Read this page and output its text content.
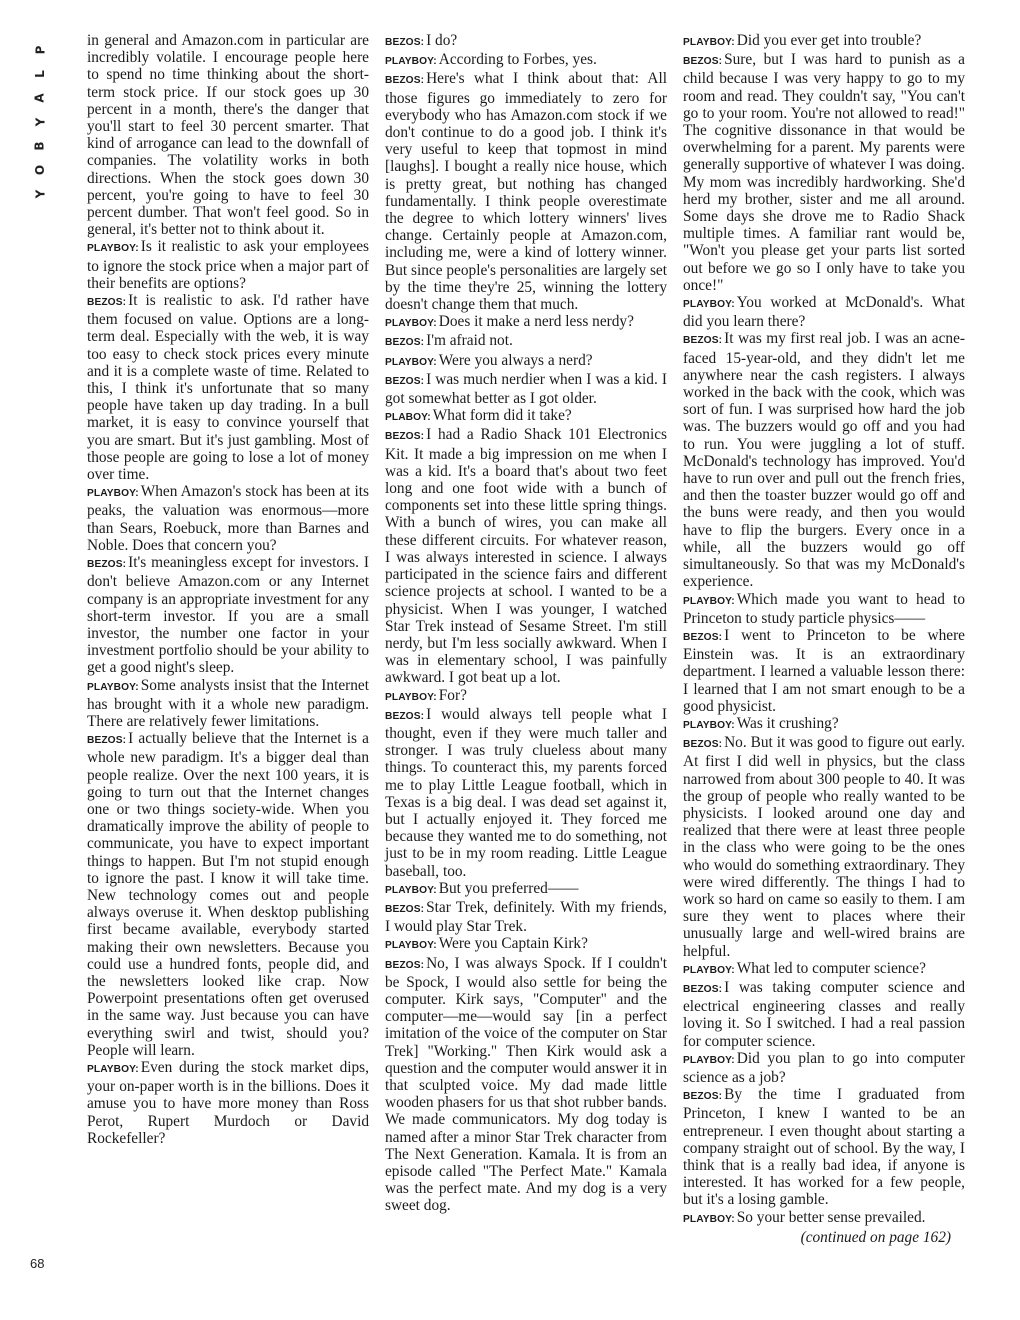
P
L
A
Y
B
O
Y
68

in general and Amazon.com in particular are incredibly volatile. I encourage people here to spend no time thinking about the short-term stock price. If our stock goes up 30 percent in a month, there's the danger that you'll start to feel 30 percent smarter. That kind of arrogance can lead to the downfall of companies. The volatility works in both directions. When the stock goes down 30 percent, you're going to have to feel 30 percent dumber. That won't feel good. So in general, it's better not to think about it.

PLAYBOY: Is it realistic to ask your employees to ignore the stock price when a major part of their benefits are options?

BEZOS: It is realistic to ask. I'd rather have them focused on value. Options are a long-term deal. Especially with the web, it is way too easy to check stock prices every minute and it is a complete waste of time. Related to this, I think it's unfortunate that so many people have taken up day trading. In a bull market, it is easy to convince yourself that you are smart. But it's just gambling. Most of those people are going to lose a lot of money over time.

PLAYBOY: When Amazon's stock has been at its peaks, the valuation was enormous—more than Sears, Roebuck, more than Barnes and Noble. Does that concern you?

BEZOS: It's meaningless except for investors. I don't believe Amazon.com or any Internet company is an appropriate investment for any short-term investor. If you are a small investor, the number one factor in your investment portfolio should be your ability to get a good night's sleep.

PLAYBOY: Some analysts insist that the Internet has brought with it a whole new paradigm. There are relatively fewer limitations.

BEZOS: I actually believe that the Internet is a whole new paradigm. It's a bigger deal than people realize. Over the next 100 years, it is going to turn out that the Internet changes one or two things society-wide. When you dramatically improve the ability of people to communicate, you have to expect important things to happen. But I'm not stupid enough to ignore the past. I know it will take time. New technology comes out and people always overuse it. When desktop publishing first became available, everybody started making their own newsletters. Because you could use a hundred fonts, people did, and the newsletters looked like crap. Now Powerpoint presentations often get overused in the same way. Just because you can have everything swirl and twist, should you? People will learn.

PLAYBOY: Even during the stock market dips, your on-paper worth is in the billions. Does it amuse you to have more money than Ross Perot, Rupert Murdoch or David Rockefeller?

BEZOS: I do?

PLAYBOY: According to Forbes, yes.

BEZOS: Here's what I think about that: All those figures go immediately to zero for everybody who has Amazon.com stock if we don't continue to do a good job. I think it's very useful to keep that topmost in mind [laughs]. I bought a really nice house, which is pretty great, but nothing has changed fundamentally. I think people overestimate the degree to which lottery winners' lives change. Certainly people at Amazon.com, including me, were a kind of lottery winner. But since people's personalities are largely set by the time they're 25, winning the lottery doesn't change them that much.

PLAYBOY: Does it make a nerd less nerdy?

BEZOS: I'm afraid not.

PLAYBOY: Were you always a nerd?

BEZOS: I was much nerdier when I was a kid. I got somewhat better as I got older.

PLABOY: What form did it take?

BEZOS: I had a Radio Shack 101 Electronics Kit. It made a big impression on me when I was a kid. It's a board that's about two feet long and one foot wide with a bunch of components set into these little spring things. With a bunch of wires, you can make all these different circuits. For whatever reason, I was always interested in science. I always participated in the science fairs and different science projects at school. I wanted to be a physicist. When I was younger, I watched Star Trek instead of Sesame Street. I'm still nerdy, but I'm less socially awkward. When I was in elementary school, I was painfully awkward. I got beat up a lot.

PLAYBOY: For?

BEZOS: I would always tell people what I thought, even if they were much taller and stronger. I was truly clueless about many things. To counteract this, my parents forced me to play Little League football, which in Texas is a big deal. I was dead set against it, but I actually enjoyed it. They forced me because they wanted me to do something, not just to be in my room reading. Little League baseball, too.

PLAYBOY: But you preferred——

BEZOS: Star Trek, definitely. With my friends, I would play Star Trek.

PLAYBOY: Were you Captain Kirk?

BEZOS: No, I was always Spock. If I couldn't be Spock, I would also settle for being the computer. Kirk says, "Computer" and the computer—me—would say [in a perfect imitation of the voice of the computer on Star Trek] "Working." Then Kirk would ask a question and the computer would answer it in that sculpted voice. My dad made little wooden phasers for us that shot rubber bands. We made communicators. My dog today is named after a minor Star Trek character from The Next Generation. Kamala. It is from an episode called "The Perfect Mate." Kamala was the perfect mate. And my dog is a very sweet dog.

PLAYBOY: Did you ever get into trouble?

BEZOS: Sure, but I was hard to punish as a child because I was very happy to go to my room and read. They couldn't say, "You can't go to your room. You're not allowed to read!" The cognitive dissonance in that would be overwhelming for a parent. My parents were generally supportive of whatever I was doing. My mom was incredibly hardworking. She'd herd my brother, sister and me all around. Some days she drove me to Radio Shack multiple times. A familiar rant would be, "Won't you please get your parts list sorted out before we go so I only have to take you once!"

PLAYBOY: You worked at McDonald's. What did you learn there?

BEZOS: It was my first real job. I was an acne-faced 15-year-old, and they didn't let me anywhere near the cash registers. I always worked in the back with the cook, which was sort of fun. I was surprised how hard the job was. The buzzers would go off and you had to run. You were juggling a lot of stuff. McDonald's technology has improved. You'd have to run over and pull out the french fries, and then the toaster buzzer would go off and the buns were ready, and then you would have to flip the burgers. Every once in a while, all the buzzers would go off simultaneously. So that was my McDonald's experience.

PLAYBOY: Which made you want to head to Princeton to study particle physics——

BEZOS: I went to Princeton to be where Einstein was. It is an extraordinary department. I learned a valuable lesson there: I learned that I am not smart enough to be a good physicist.

PLAYBOY: Was it crushing?

BEZOS: No. But it was good to figure out early. At first I did well in physics, but the class narrowed from about 300 people to 40. It was the group of people who really wanted to be physicists. I looked around one day and realized that there were at least three people in the class who were going to be the ones who would do something extraordinary. They were wired differently. The things I had to work so hard on came so easily to them. I am sure they went to places where their unusually large and well-wired brains are helpful.

PLAYBOY: What led to computer science?

BEZOS: I was taking computer science and electrical engineering classes and really loving it. So I switched. I had a real passion for computer science.

PLAYBOY: Did you plan to go into computer science as a job?

BEZOS: By the time I graduated from Princeton, I knew I wanted to be an entrepreneur. I even thought about starting a company straight out of school. By the way, I think that is a really bad idea, if anyone is interested. It has worked for a few people, but it's a losing gamble.

PLAYBOY: So your better sense prevailed.

(continued on page 162)
